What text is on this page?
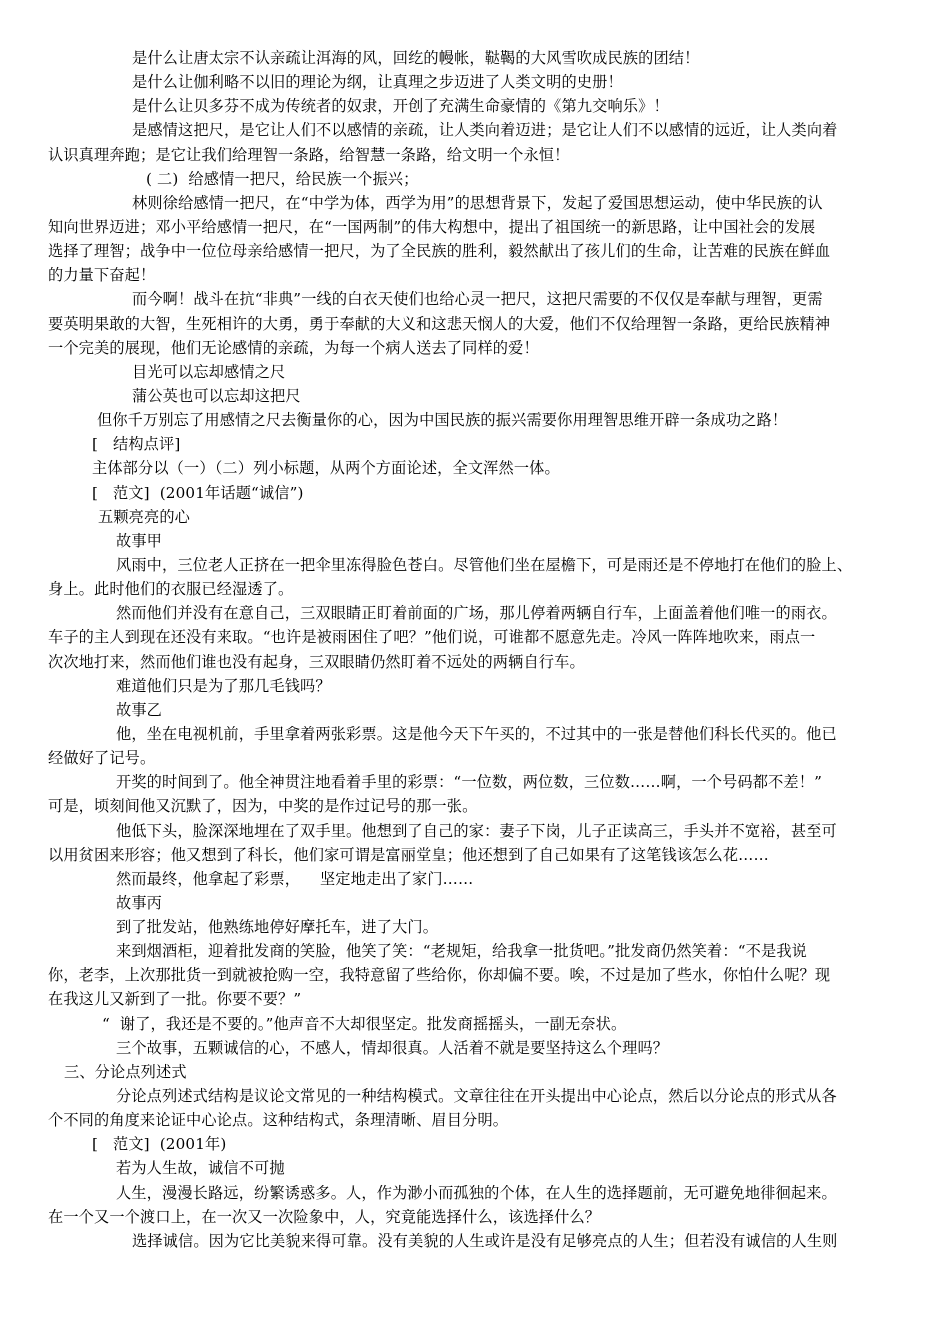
是什么让唐太宗不认亲疏让洱海的风，回纥的幔帐，鞑鞨的大风雪吹成民族的团结！
是什么让伽利略不以旧的理论为纲，让真理之步迈进了人类文明的史册！
是什么让贝多芬不成为传统者的奴隶，开创了充满生命豪情的《第九交响乐》！
是感情这把尺，是它让人们不以感情的亲疏，让人类向着迈进；是它让人们不以感情的远近，让人类向着
认识真理奔跑；是它让我们给理智一条路，给智慧一条路，给文明一个永恒！
( 二)  给感情一把尺，给民族一个振兴；
林则徐给感情一把尺，在“中学为体，西学为用”的思想背景下，发起了爱国思想运动，使中华民族的认
知向世界迈进；邓小平给感情一把尺，在“一国两制”的伟大构想中，提出了祖国统一的新思路，让中国社会的发展
选择了理智；战争中一位位母亲给感情一把尺，为了全民族的胜利，毅然献出了孩儿们的生命，让苦难的民族在鲜血
的力量下奋起！
而今啊！战斗在抗“非典”一线的白衣天使们也给心灵一把尺，这把尺需要的不仅仅是奉献与理智，更需
要英明果敢的大智，生死相许的大勇，勇于奉献的大义和这悲天悯人的大爱，他们不仅给理智一条路，更给民族精神
一个完美的展现，他们无论感情的亲疏，为每一个病人送去了同样的爱！
目光可以忘却感情之尺
蒲公英也可以忘却这把尺
但你千万别忘了用感情之尺去衡量你的心，因为中国民族的振兴需要你用理智思维开辟一条成功之路！
[   结构点评]
主体部分以（一）（二）列小标题，从两个方面论述，全文浑然一体。
[   范文]  (2001年话题“诚信”)
五颗亮亮的心
故事甲
风雨中，三位老人正挤在一把伞里冻得脸色苍白。尽管他们坐在屋檐下，可是雨还是不停地打在他们的脸上、
身上。此时他们的衣服已经湿透了。
然而他们并没有在意自己，三双眼睛正盯着前面的广场，那儿停着两辆自行车，上面盖着他们唯一的雨衣。
车子的主人到现在还没有来取。“也许是被雨困住了吧？”他们说，可谁都不愿意先走。冷风一阵阵地吹来，雨点一
次次地打来，然而他们谁也没有起身，三双眼睛仍然盯着不远处的两辆自行车。
难道他们只是为了那几毛钱吗？
故事乙
他，坐在电视机前，手里拿着两张彩票。这是他今天下午买的，不过其中的一张是替他们科长代买的。他已
经做好了记号。
开奖的时间到了。他全神贯注地看着手里的彩票：“一位数，两位数，三位数……啊，一个号码都不差！”
可是，顷刻间他又沉默了，因为，中奖的是作过记号的那一张。
他低下头，脸深深地埋在了双手里。他想到了自己的家：妻子下岗，儿子正读高三，手头并不宽裕，甚至可
以用贫困来形容；他又想到了科长，他们家可谓是富丽堂皇；他还想到了自己如果有了这笔钱该怎么花……
然而最终，他拿起了彩票，    坚定地走出了家门……
故事丙
到了批发站，他熟练地停好摩托车，进了大门。
来到烟酒柜，迎着批发商的笑脸，他笑了笑：“老规矩，给我拿一批货吧。”批发商仍然笑着：“不是我说
你，老李，上次那批货一到就被抢购一空，我特意留了些给你，你却偏不要。唉，不过是加了些水，你怕什么呢？现
在我这儿又新到了一批。你要不要？”
“  谢了，我还是不要的。”他声音不大却很坚定。批发商摇摇头，一副无奈状。
三个故事，五颗诚信的心，不感人，情却很真。人活着不就是要坚持这么个理吗？
三、分论点列述式
分论点列述式结构是议论文常见的一种结构模式。文章往往在开头提出中心论点，然后以分论点的形式从各
个不同的角度来论证中心论点。这种结构式，条理清晰、眉目分明。
[   范文]  (2001年)
若为人生故，诚信不可抛
人生，漫漫长路远，纷繁诱惑多。人，作为渺小而孤独的个体，在人生的选择题前，无可避免地徘徊起来。
在一个又一个渡口上，在一次又一次险象中，人，究竟能选择什么，该选择什么？
选择诚信。因为它比美貌来得可靠。没有美貌的人生或许是没有足够亮点的人生；但若没有诚信的人生则
